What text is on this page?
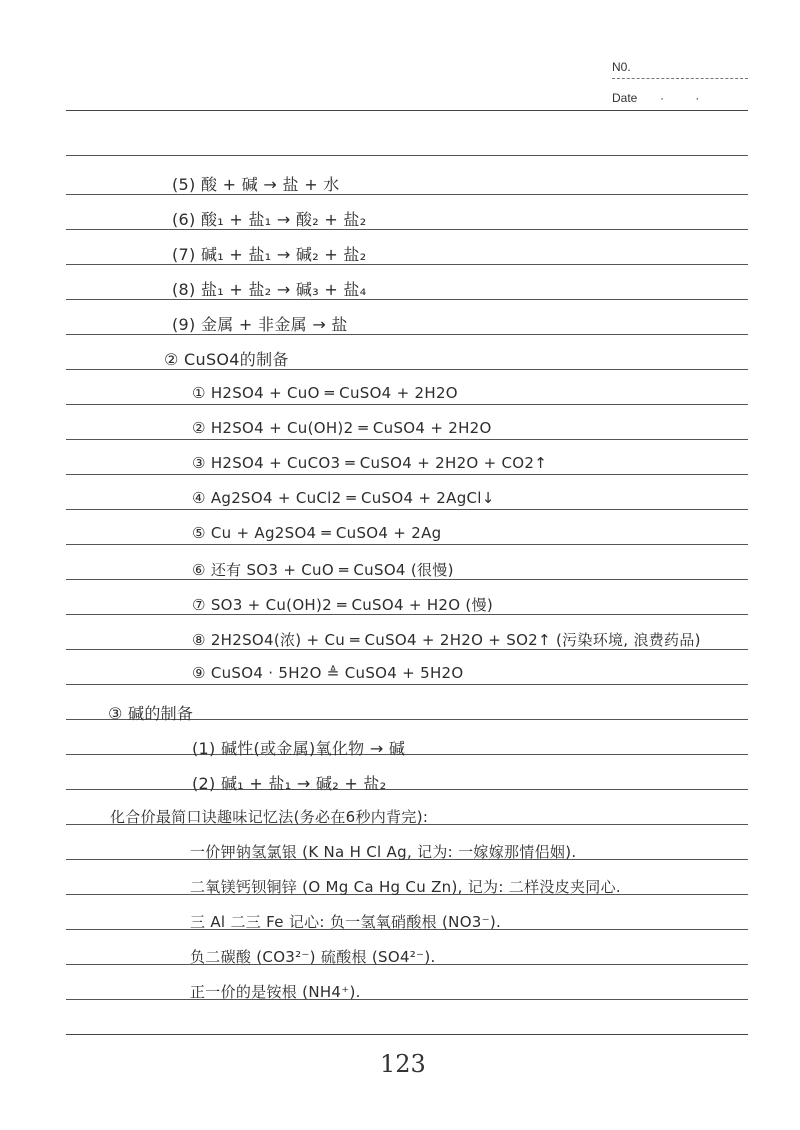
N0.
Date · ·
(5) 酸 + 碱 → 盐 + 水
(6) 酸₁ + 盐₁ → 酸₂ + 盐₂
(7) 碱₁ + 盐₁ → 碱₂ + 盐₂
(8) 盐₁ + 盐₂ → 碱₃ + 盐₄
(9) 金属 + 非金属 → 盐
② CuSO4的制备
① H2SO4 + CuO ═ CuSO4 + 2H2O
② H2SO4 + Cu(OH)2 ═ CuSO4 + 2H2O
③ H2SO4 + CuCO3 ═ CuSO4 + 2H2O + CO2↑
④ Ag2SO4 + CuCl2 ═ CuSO4 + 2AgCl↓
⑤ Cu + Ag2SO4 ═ CuSO4 + 2Ag
⑥ 还有 SO3 + CuO ═ CuSO4 (很慢)
⑦ SO3 + Cu(OH)2 ═ CuSO4 + H2O (慢)
⑧ 2H2SO4(浓) + Cu ═ CuSO4 + 2H2O + SO2↑ (污染环境, 浪费药品)
⑨ CuSO4 · 5H2O ≜ CuSO4 + 5H2O
③ 碱的制备
(1) 碱性(或金属)氧化物 → 碱
(2) 碱₁ + 盐₁ → 碱₂ + 盐₂
化合价最简口诀趣味记忆法(务必在6秒内背完):
一价钾钠氢氯银 (K Na H Cl Ag, 记为: 一嫁嫁那情侣姻).
二氧镁钙钡铜锌 (O Mg Ca Hg Cu Zn), 记为: 二样没皮夹同心.
三 Al 二三 Fe 记心: 负一氢氧硝酸根 (NO3⁻).
负二碳酸 (CO3²⁻) 硫酸根 (SO4²⁻).
正一价的是铵根 (NH4⁺).
123
